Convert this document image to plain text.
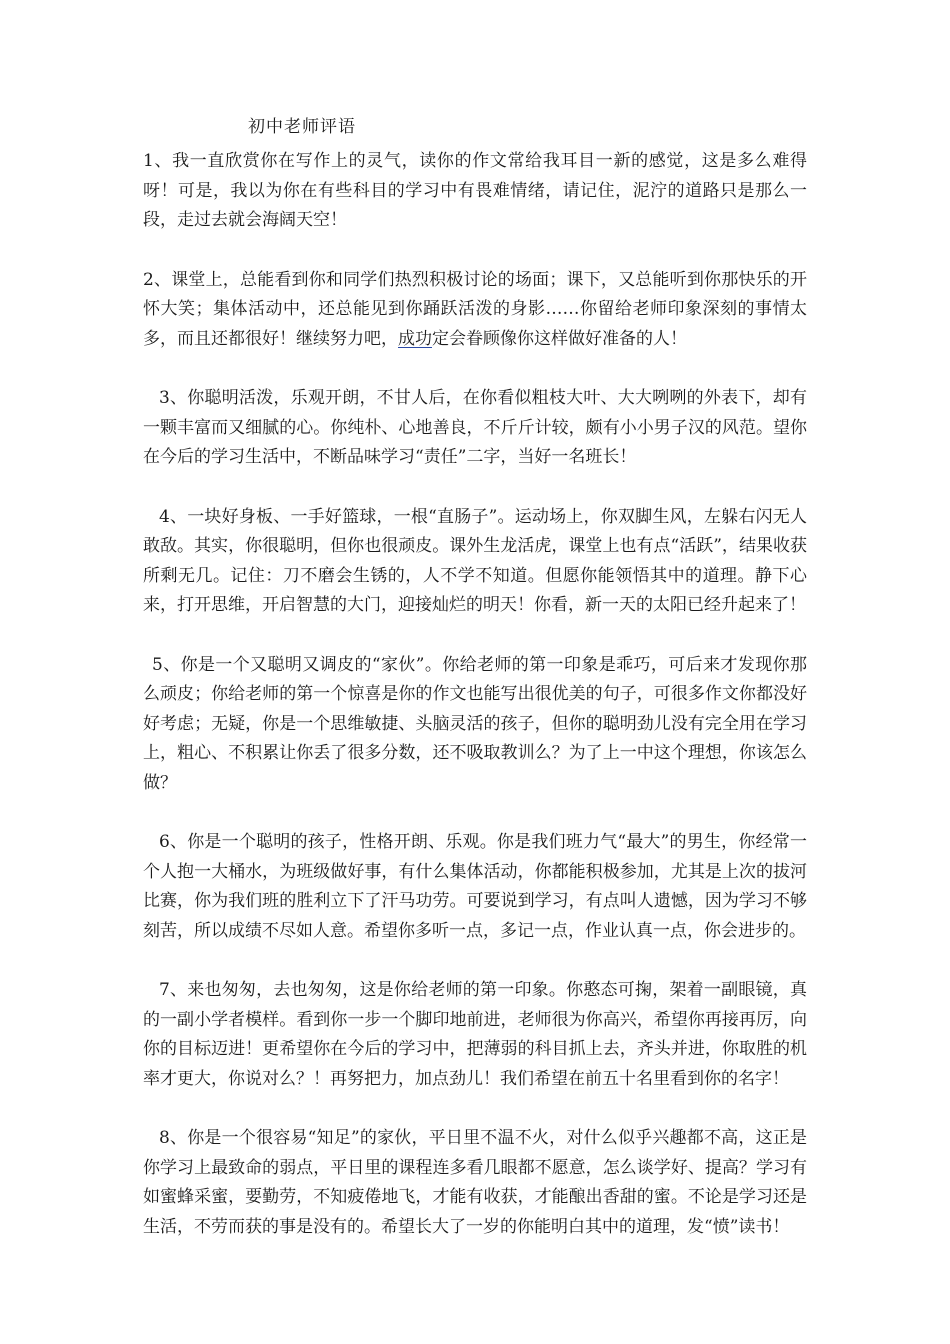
初中老师评语

1、我一直欣赏你在写作上的灵气，读你的作文常给我耳目一新的感觉，这是多么难得呀！可是，我以为你在有些科目的学习中有畏难情绪，请记住，泥泞的道路只是那么一段，走过去就会海阔天空！

2、课堂上，总能看到你和同学们热烈积极讨论的场面；课下，又总能听到你那快乐的开怀大笑；集体活动中，还总能见到你踊跃活泼的身影……你留给老师印象深刻的事情太多，而且还都很好！继续努力吧，成功定会眷顾像你这样做好准备的人！

3、你聪明活泼，乐观开朗，不甘人后，在你看似粗枝大叶、大大咧咧的外表下，却有一颗丰富而又细腻的心。你纯朴、心地善良，不斤斤计较，颇有小小男子汉的风范。望你在今后的学习生活中，不断品味学习“责任”二字，当好一名班长！

4、一块好身板、一手好篮球，一根“直肠子”。运动场上，你双脚生风，左躲右闪无人敢敌。其实，你很聪明，但你也很顽皮。课外生龙活虎，课堂上也有点“活跃”，结果收获所剩无几。记住：刀不磨会生锈的，人不学不知道。但愿你能领悟其中的道理。静下心来，打开思维，开启智慧的大门，迎接灿烂的明天！你看，新一天的太阳已经升起来了！

5、你是一个又聪明又调皮的“家伙”。你给老师的第一印象是乖巧，可后来才发现你那么顽皮；你给老师的第一个惊喜是你的作文也能写出很优美的句子，可很多作文你都没好好考虑；无疑，你是一个思维敏捷、头脑灵活的孩子，但你的聪明劲儿没有完全用在学习上，粗心、不积累让你丢了很多分数，还不吸取教训么？为了上一中这个理想，你该怎么做？

6、你是一个聪明的孩子，性格开朗、乐观。你是我们班力气“最大”的男生，你经常一个人抱一大桶水，为班级做好事，有什么集体活动，你都能积极参加，尤其是上次的拔河比赛，你为我们班的胜利立下了汗马功劳。可要说到学习，有点叫人遗憾，因为学习不够刻苦，所以成绩不尽如人意。希望你多听一点，多记一点，作业认真一点，你会进步的。

7、来也匆匆，去也匆匆，这是你给老师的第一印象。你憨态可掬，架着一副眼镜，真的一副小学者模样。看到你一步一个脚印地前进，老师很为你高兴，希望你再接再厉，向你的目标迈进！更希望你在今后的学习中，把薄弱的科目抓上去，齐头并进，你取胜的机率才更大，你说对么？！再努把力，加点劲儿！我们希望在前五十名里看到你的名字！

8、你是一个很容易“知足”的家伙，平日里不温不火，对什么似乎兴趣都不高，这正是你学习上最致命的弱点，平日里的课程连多看几眼都不愿意，怎么谈学好、提高？学习有如蜜蜂采蜜，要勤劳，不知疲倦地飞，才能有收获，才能酿出香甜的蜜。不论是学习还是生活，不劳而获的事是没有的。希望长大了一岁的你能明白其中的道理，发“愤”读书！
